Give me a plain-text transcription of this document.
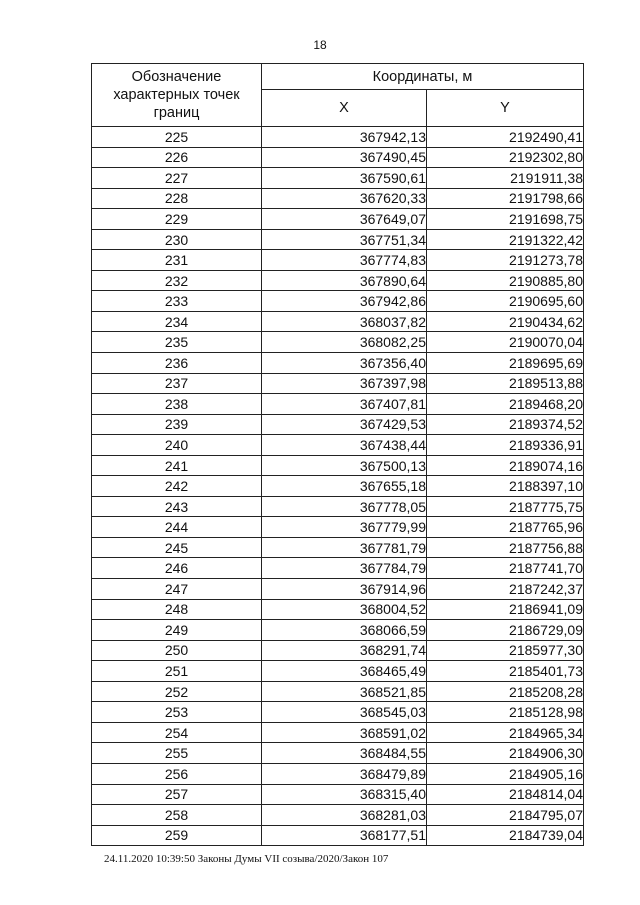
18
Обозначение характерных точек границ	Координаты, м	
	X	Y
225	367942,13	2192490,41
226	367490,45	2192302,80
227	367590,61	2191911,38
228	367620,33	2191798,66
229	367649,07	2191698,75
230	367751,34	2191322,42
231	367774,83	2191273,78
232	367890,64	2190885,80
233	367942,86	2190695,60
234	368037,82	2190434,62
235	368082,25	2190070,04
236	367356,40	2189695,69
237	367397,98	2189513,88
238	367407,81	2189468,20
239	367429,53	2189374,52
240	367438,44	2189336,91
241	367500,13	2189074,16
242	367655,18	2188397,10
243	367778,05	2187775,75
244	367779,99	2187765,96
245	367781,79	2187756,88
246	367784,79	2187741,70
247	367914,96	2187242,37
248	368004,52	2186941,09
249	368066,59	2186729,09
250	368291,74	2185977,30
251	368465,49	2185401,73
252	368521,85	2185208,28
253	368545,03	2185128,98
254	368591,02	2184965,34
255	368484,55	2184906,30
256	368479,89	2184905,16
257	368315,40	2184814,04
258	368281,03	2184795,07
259	368177,51	2184739,04
24.11.2020 10:39:50 Законы Думы VII созыва/2020/Закон 107
